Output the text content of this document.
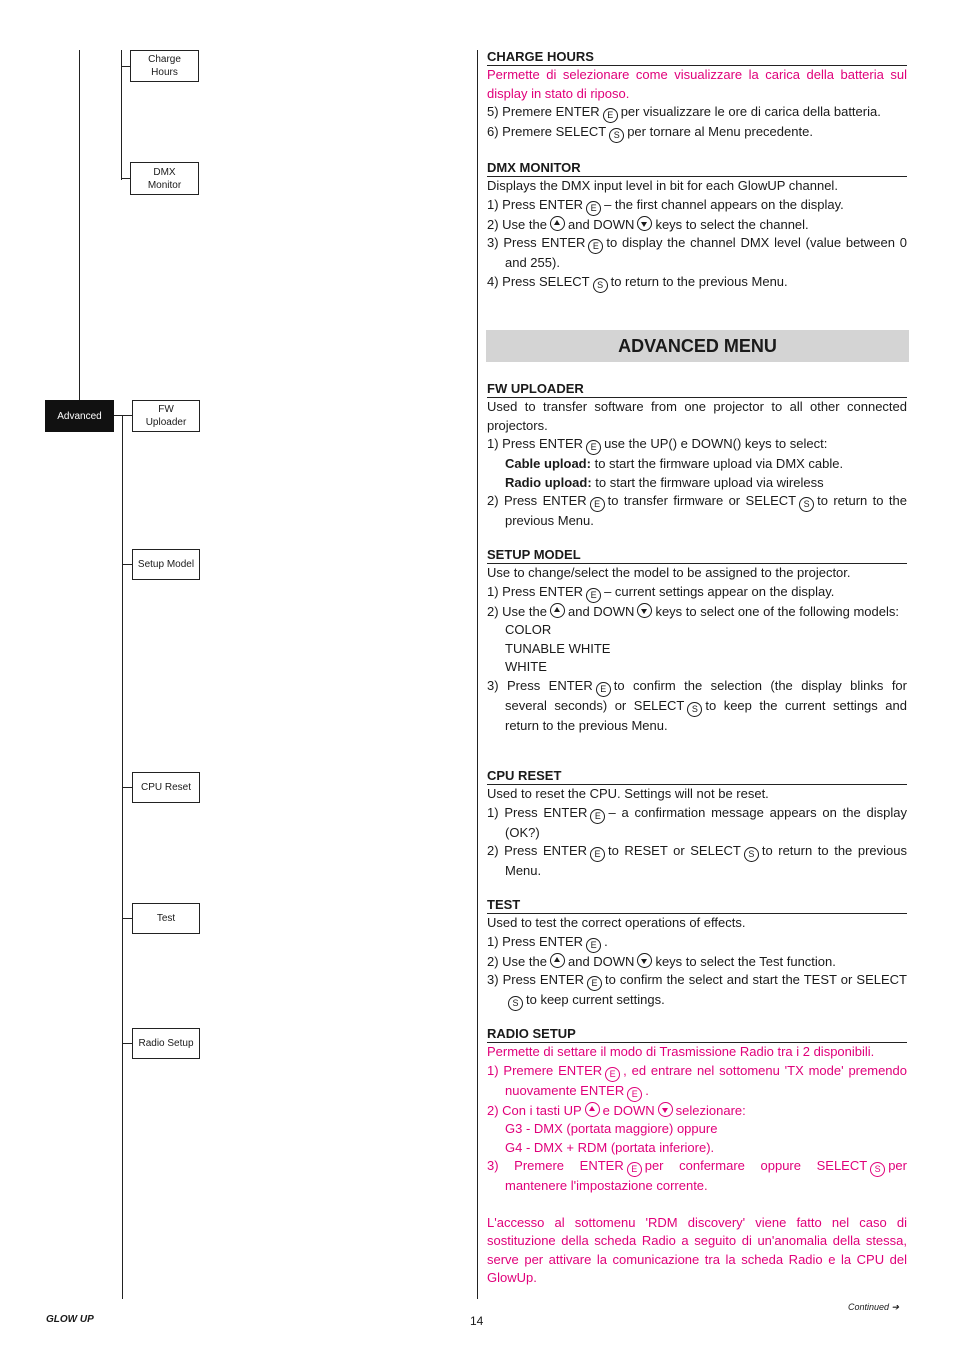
Charge
Hours
DMX
Monitor
Advanced
FW
Uploader
Setup Model
CPU Reset
Test
Radio Setup

CHARGE HOURS

Permette di selezionare come visualizzare la carica della batteria sul display in stato di riposo.

5) Premere ENTER E per visualizzare le ore di carica della batteria.

6) Premere SELECT S per tornare al Menu precedente.

DMX MONITOR

Displays the DMX input level in bit for each GlowUP channel.

1) Press ENTER E – the first channel appears on the display.

2) Use the and DOWN keys to select the channel.

3) Press ENTER E to display the channel DMX level (value between 0 and 255).

4) Press SELECT S to return to the previous Menu.

ADVANCED MENU

FW UPLOADER

Used to transfer software from one projector to all other connected projectors.

1) Press ENTER E use the UP() e DOWN() keys to select:

Cable upload: to start the firmware upload via DMX cable.

Radio upload: to start the firmware upload via wireless

2) Press ENTER E to transfer firmware or SELECT S to return to the previous Menu.

SETUP MODEL

Use to change/select the model to be assigned to the projector.

1) Press ENTER E – current settings appear on the display.

2) Use the and DOWN keys to select one of the following models:

COLOR

TUNABLE WHITE

WHITE

3) Press ENTER E to confirm the selection (the display blinks for several seconds) or SELECT S to keep the current settings and return to the previous Menu.

CPU RESET

Used to reset the CPU. Settings will not be reset.

1) Press ENTER E – a confirmation message appears on the display (OK?)

2) Press ENTER E to RESET or SELECT S to return to the previous Menu.

TEST

Used to test the correct operations of effects.

1) Press ENTER E .

2) Use the and DOWN keys to select the Test function.

3) Press ENTER E to confirm the select and start the TEST or SELECTS to keep current settings.

RADIO SETUP

Permette di settare il modo di Trasmissione Radio tra i 2 disponibili.

1) Premere ENTER E , ed entrare nel sottomenu 'TX mode' premendo nuovamente ENTER E .

2) Con i tasti UP e DOWN selezionare:

G3 - DMX (portata maggiore) oppure

G4 - DMX + RDM (portata inferiore).

3) Premere ENTER E per confermare oppure SELECT S per mantenere l'impostazione corrente.

L'accesso al sottomenu 'RDM discovery' viene fatto nel caso di sostituzione della scheda Radio a seguito di un'anomalia della stessa, serve per attivare la comunicazione tra la scheda Radio e la CPU del GlowUp.

GLOW UP	14
Continued ➔
